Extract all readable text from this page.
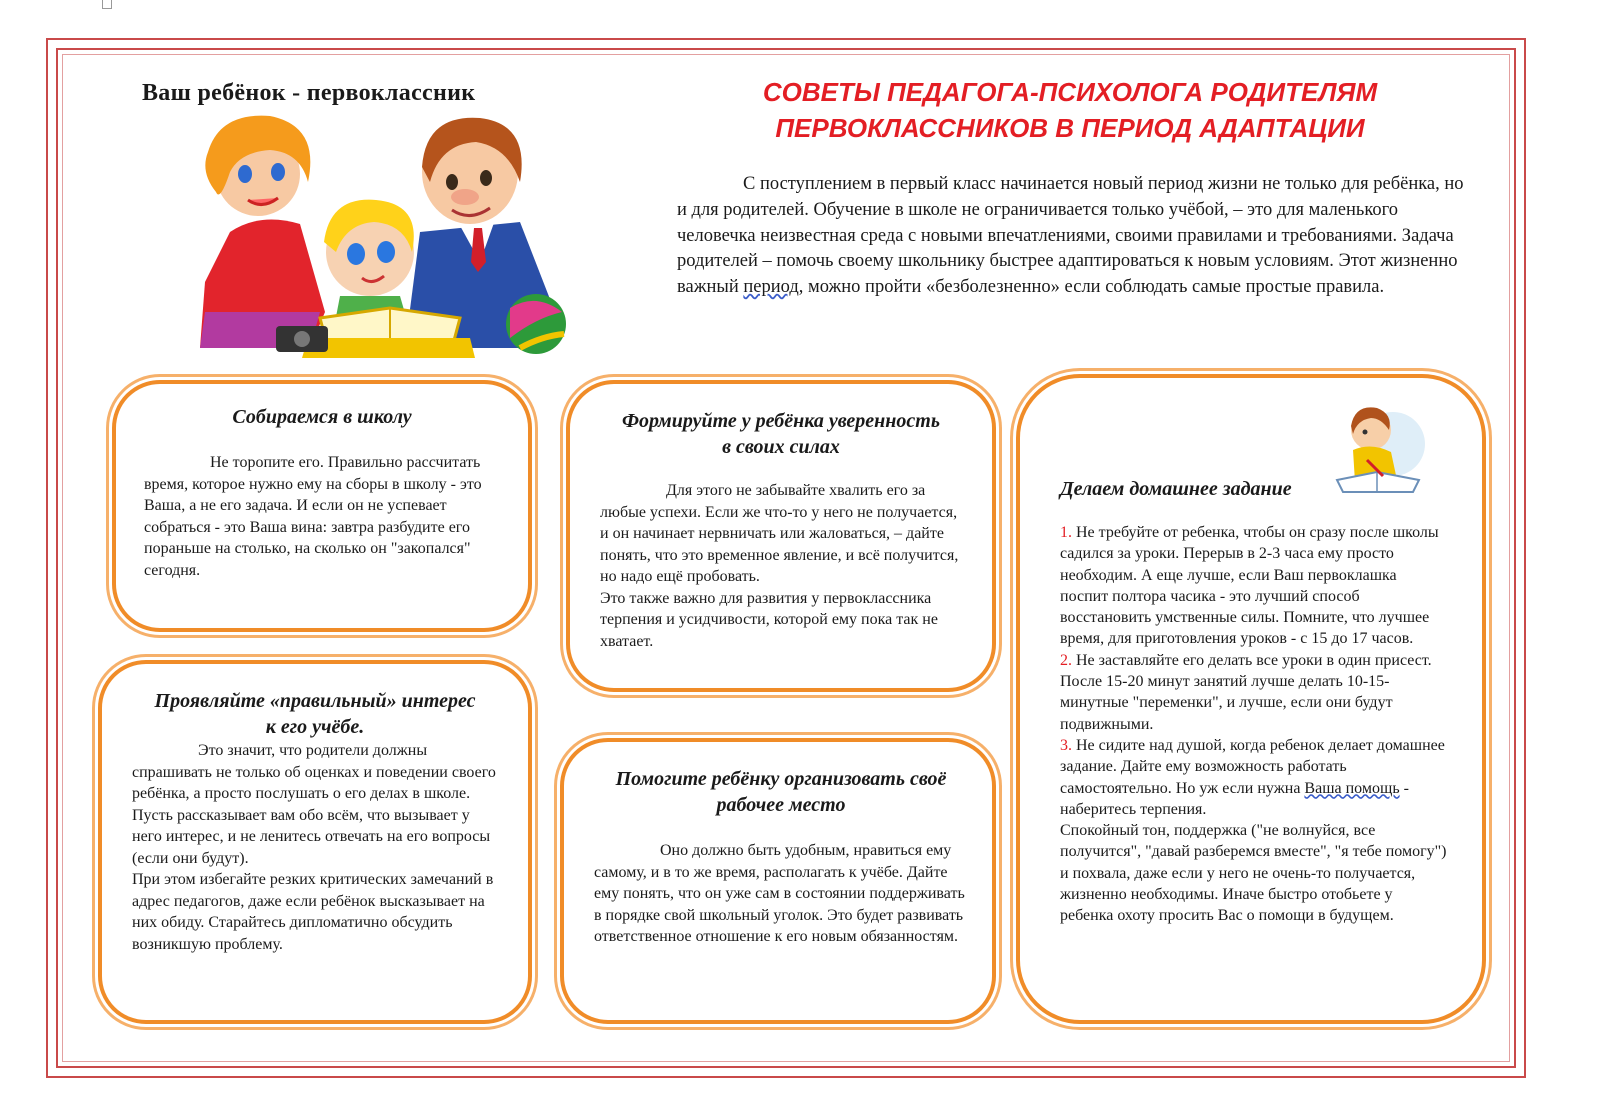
Ваш ребёнок - первоклассник	СОВЕТЫ ПЕДАГОГА-ПСИХОЛОГА РОДИТЕЛЯМ
ПЕРВОКЛАССНИКОВ В ПЕРИОД АДАПТАЦИИ

С поступлением в первый класс начинается новый период жизни не только для ребёнка, но и для родителей. Обучение в школе не ограничивается только учёбой, – это для маленького человечка неизвестная среда с новыми впечатлениями, своими правилами и требованиями. Задача родителей – помочь своему школьнику быстрее адаптироваться к новым условиям. Этот жизненно важный период, можно пройти «безболезненно» если соблюдать самые простые правила.

Собираемся в школу

Не торопите его. Правильно рассчитать время, которое нужно ему на сборы в школу - это Ваша, а не его задача. И если он не успевает собраться - это Ваша вина: завтра разбудите его пораньше на столько, на сколько он "закопался" сегодня.

Проявляйте «правильный» интерес
к его учёбе.

Это значит, что родители должны спрашивать не только об оценках и поведении своего ребёнка, а просто послушать о его делах в школе. Пусть рассказывает вам обо всём, что вызывает у него интерес, и не ленитесь отвечать на его вопросы (если они будут).

При этом избегайте резких критических замечаний в адрес педагогов, даже если ребёнок высказывает на них обиду. Старайтесь дипломатично обсудить возникшую проблему.

Формируйте у ребёнка уверенность
в своих силах

Для этого не забывайте хвалить его за любые успехи. Если же что-то у него не получается, и он начинает нервничать или жаловаться, – дайте понять, что это временное явление, и всё получится, но надо ещё пробовать.

Это также важно для развития у первоклассника терпения и усидчивости, которой ему пока так не хватает.

Помогите ребёнку организовать своё
рабочее место

Оно должно быть удобным, нравиться ему самому, и в то же время, располагать к учёбе. Дайте ему понять, что он уже сам в состоянии поддерживать в порядке свой школьный уголок. Это будет развивать ответственное отношение к его новым обязанностям.

Делаем домашнее задание

1. Не требуйте от ребенка, чтобы он сразу после школы садился за уроки. Перерыв в 2-3 часа ему просто необходим. А еще лучше, если Ваш первоклашка поспит полтора часика - это лучший способ восстановить умственные силы. Помните, что лучшее время, для приготовления уроков - с 15 до 17 часов.

2. Не заставляйте его делать все уроки в один присест. После 15-20 минут занятий лучше делать 10-15-минутные "переменки", и лучше, если они будут подвижными.

3. Не сидите над душой, когда ребенок делает домашнее задание. Дайте ему возможность работать самостоятельно. Но уж если нужна Ваша помощь - наберитесь терпения.

Спокойный тон, поддержка ("не волнуйся, все получится", "давай разберемся вместе", "я тебе помогу") и похвала, даже если у него не очень-то получается, жизненно необходимы. Иначе быстро отобьете у ребенка охоту просить Вас о помощи в будущем.
